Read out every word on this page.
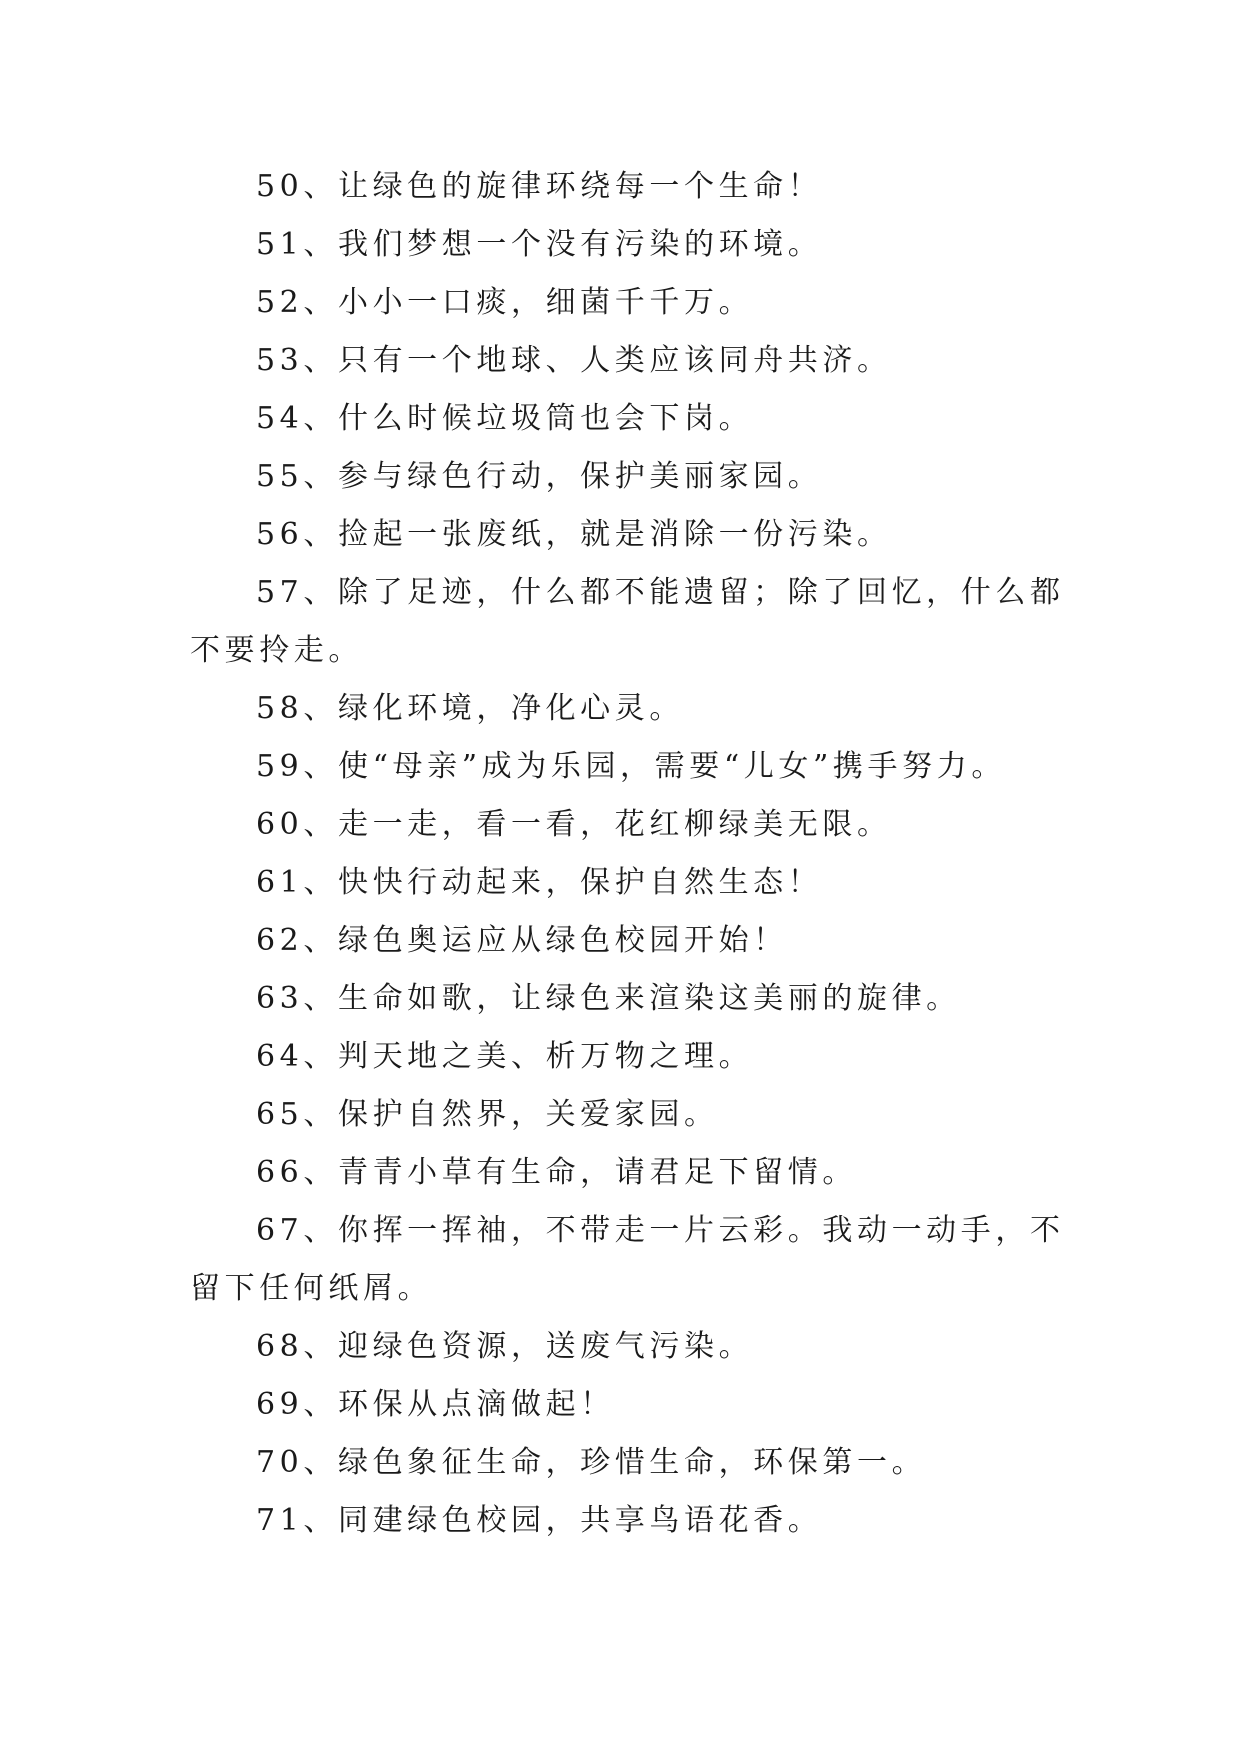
50、让绿色的旋律环绕每一个生命！

51、我们梦想一个没有污染的环境。

52、小小一口痰，细菌千千万。

53、只有一个地球、人类应该同舟共济。

54、什么时候垃圾筒也会下岗。

55、参与绿色行动，保护美丽家园。

56、捡起一张废纸，就是消除一份污染。

57、除了足迹，什么都不能遗留；除了回忆，什么都不要拎走。

58、绿化环境，净化心灵。

59、使“母亲”成为乐园，需要“儿女”携手努力。

60、走一走，看一看，花红柳绿美无限。

61、快快行动起来，保护自然生态！

62、绿色奥运应从绿色校园开始！

63、生命如歌，让绿色来渲染这美丽的旋律。

64、判天地之美、析万物之理。

65、保护自然界，关爱家园。

66、青青小草有生命，请君足下留情。

67、你挥一挥袖，不带走一片云彩。我动一动手，不留下任何纸屑。

68、迎绿色资源，送废气污染。

69、环保从点滴做起！

70、绿色象征生命，珍惜生命，环保第一。

71、同建绿色校园，共享鸟语花香。
